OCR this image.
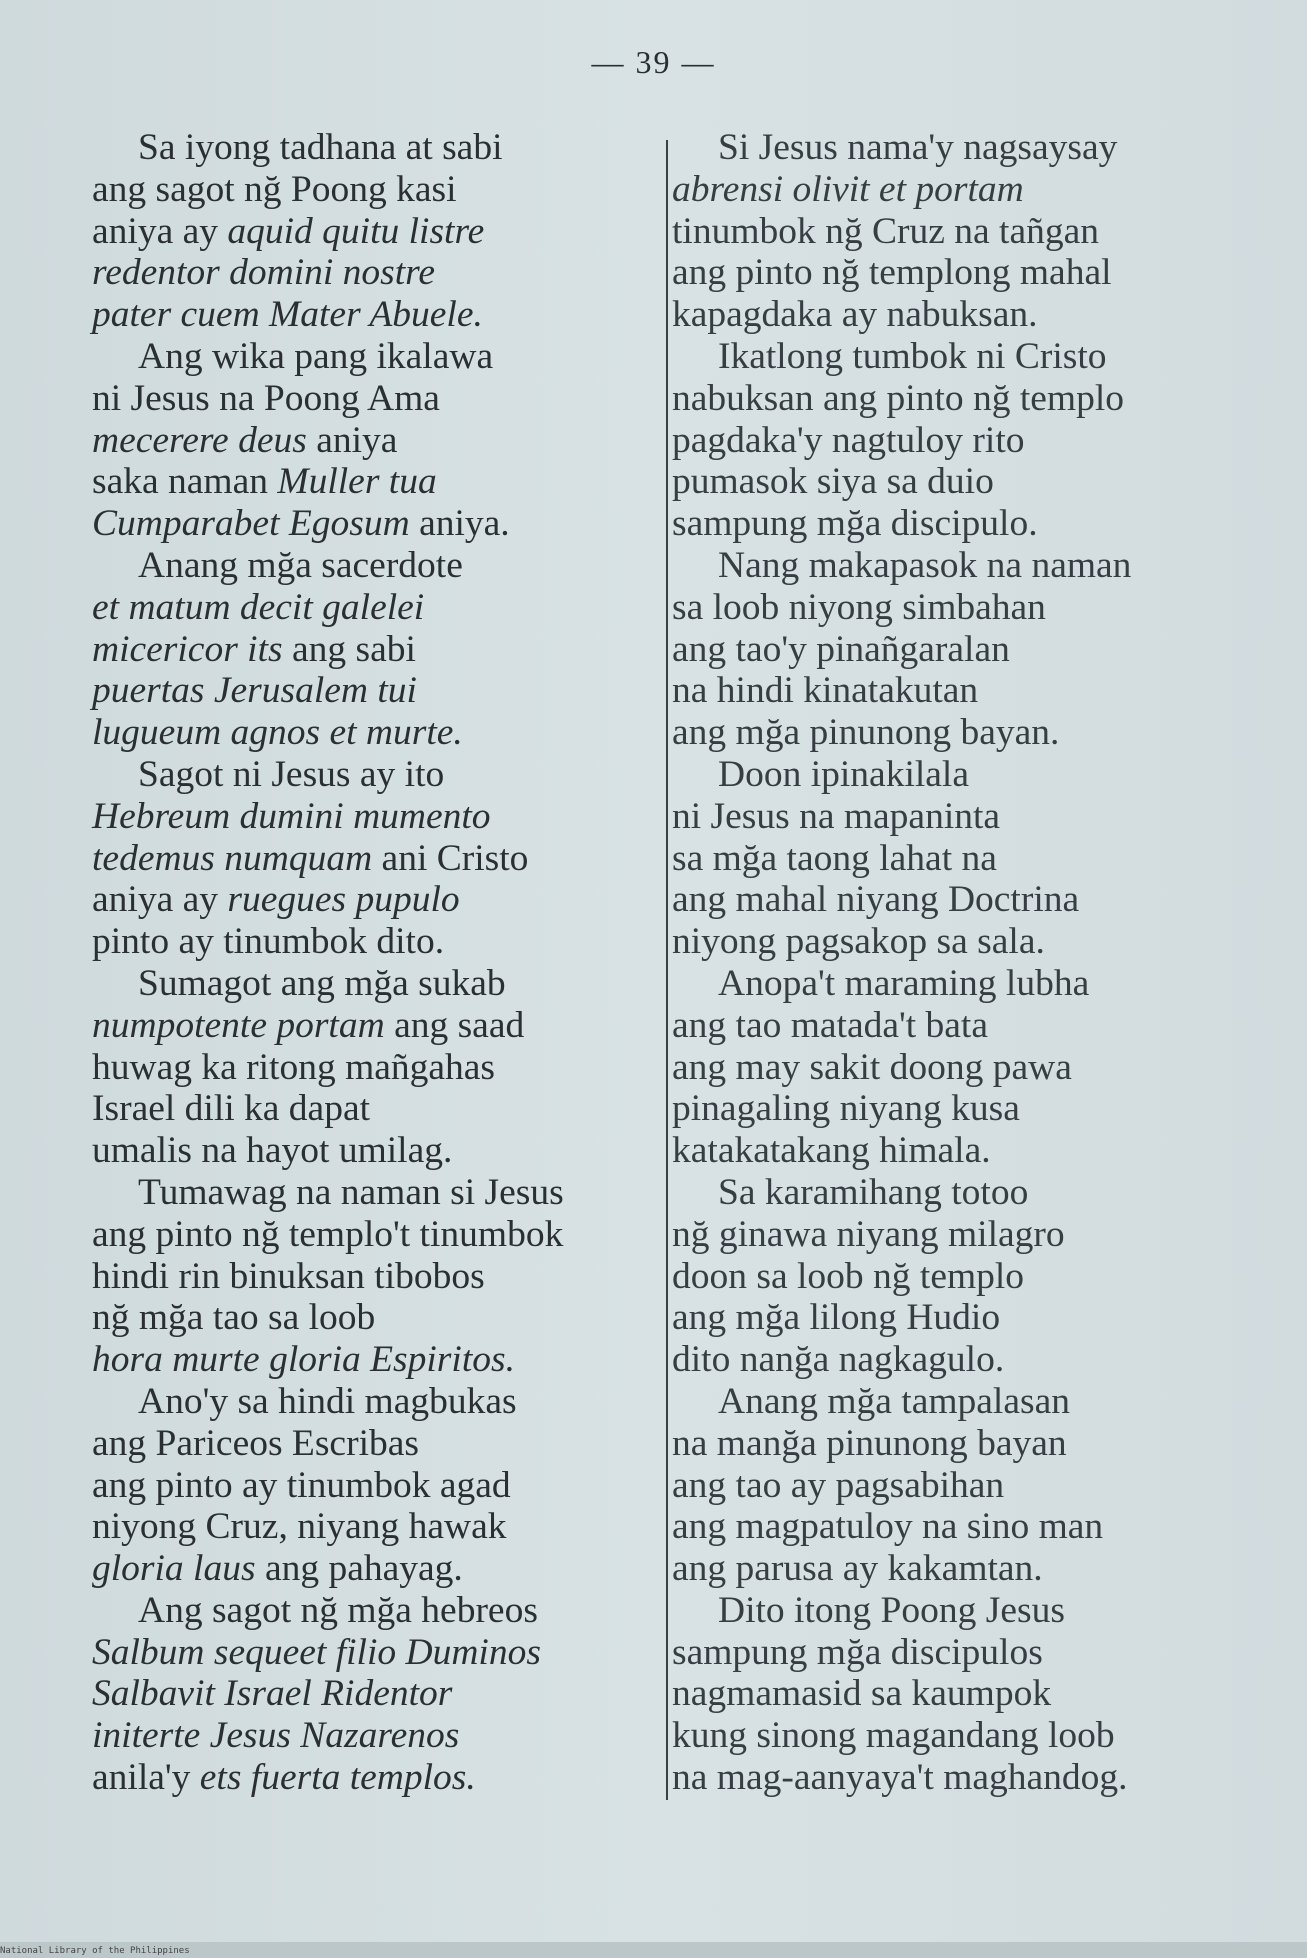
— 39 —
Sa iyong tadhana at sabi
ang sagot nğ Poong kasi
aniya ay aquid quitu listre
redentor domini nostre
pater cuem Mater Abuele.
Ang wika pang ikalawa
ni Jesus na Poong Ama
mecerere deus aniya
saka naman Muller tua
Cumparabet Egosum aniya.
Anang mğa sacerdote
et matum decit galelei
micericor its ang sabi
puertas Jerusalem tui
lugueum agnos et murte.
Sagot ni Jesus ay ito
Hebreum dumini mumento
tedemus numquam ani Cristo
aniya ay ruegues pupulo
pinto ay tinumbok dito.
Sumagot ang mğa sukab
numpotente portam ang saad
huwag ka ritong mañgahas
Israel dili ka dapat
umalis na hayot umilag.
Tumawag na naman si Jesus
ang pinto nğ templo't tinumbok
hindi rin binuksan tibobos
nğ mğa tao sa loob
hora murte gloria Espiritos.
Ano'y sa hindi magbukas
ang Pariceos Escribas
ang pinto ay tinumbok agad
niyong Cruz, niyang hawak
gloria laus ang pahayag.
Ang sagot nğ mğa hebreos
Salbum sequeet filio Duminos
Salbavit Israel Ridentor
initerte Jesus Nazarenos
anila'y ets fuerta templos.
Si Jesus nama'y nagsaysay
abrensi olivit et portam
tinumbok nğ Cruz na tañgan
ang pinto nğ templong mahal
kapagdaka ay nabuksan.
Ikatlong tumbok ni Cristo
nabuksan ang pinto nğ templo
pagdaka'y nagtuloy rito
pumasok siya sa duio
sampung mğa discipulo.
Nang makapasok na naman
sa loob niyong simbahan
ang tao'y pinañgaralan
na hindi kinatakutan
ang mğa pinunong bayan.
Doon ipinakilala
ni Jesus na mapaninta
sa mğa taong lahat na
ang mahal niyang Doctrina
niyong pagsakop sa sala.
Anopa't maraming lubha
ang tao matada't bata
ang may sakit doong pawa
pinagaling niyang kusa
katakatakang himala.
Sa karamihang totoo
nğ ginawa niyang milagro
doon sa loob nğ templo
ang mğa lilong Hudio
dito nanğa nagkagulo.
Anang mğa tampalasan
na manğa pinunong bayan
ang tao ay pagsabihan
ang magpatuloy na sino man
ang parusa ay kakamtan.
Dito itong Poong Jesus
sampung mğa discipulos
nagmamasid sa kaumpok
kung sinong magandang loob
na mag-aanyaya't maghandog.
National Library of the Philippines
